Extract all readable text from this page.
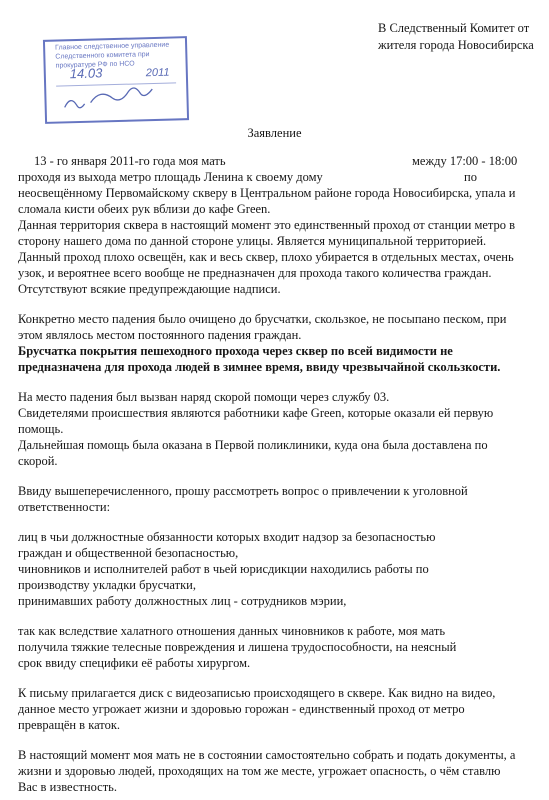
В Следственный Комитет от
жителя города Новосибирска
Главное следственное управление Следственного комитета при прокуратуре РФ по НСО
14.03	2011
Заявление
13 - го января 2011-го года моя мать	между 17:00 - 18:00
проходя из выхода метро площадь Ленина к своему дому	по
неосвещённому Первомайскому скверу в Центральном районе города Новосибирска, упала и
сломала кисти обеих рук вблизи до кафе Green.
Данная территория сквера в настоящий момент это единственный проход от станции метро в
сторону нашего дома по данной стороне улицы. Является муниципальной территорией.
Данный проход плохо освещён, как и весь сквер, плохо убирается в отдельных местах, очень
узок, и вероятнее всего вообще не предназначен для прохода такого количества граждан.
Отсутствуют всякие предупреждающие надписи.
Конкретно место падения было очищено до брусчатки, скользкое, не посыпано песком, при
этом являлось местом постоянного падения граждан.
Брусчатка покрытия пешеходного прохода через сквер по всей видимости не
предназначена для прохода людей в зимнее время, ввиду чрезвычайной скользкости.
На место падения был вызван наряд скорой помощи через службу 03.
Свидетелями происшествия являются работники кафе Green, которые оказали ей первую
помощь.
Дальнейшая помощь была оказана в Первой поликлиники, куда она была доставлена по
скорой.
Ввиду вышеперечисленного, прошу рассмотреть вопрос о привлечении к уголовной
ответственности:
лиц в чьи должностные обязанности которых входит надзор за безопасностью
граждан и общественной безопасностью,
чиновников и исполнителей работ в чьей юрисдикции находились работы по
производству укладки брусчатки,
принимавших работу должностных лиц - сотрудников мэрии,
так как вследствие халатного отношения данных чиновников к работе, моя мать
получила тяжкие телесные повреждения и лишена трудоспособности, на неясный
срок ввиду специфики её работы хирургом.
К письму прилагается диск с видеозаписью происходящего в сквере. Как видно на видео,
данное место угрожает жизни и здоровью горожан - единственный проход от метро
превращён в каток.
В настоящий момент моя мать не в состоянии самостоятельно собрать и подать документы, а
жизни и здоровью людей, проходящих на том же месте, угрожает опасность, о чём ставлю
Вас в известность.
